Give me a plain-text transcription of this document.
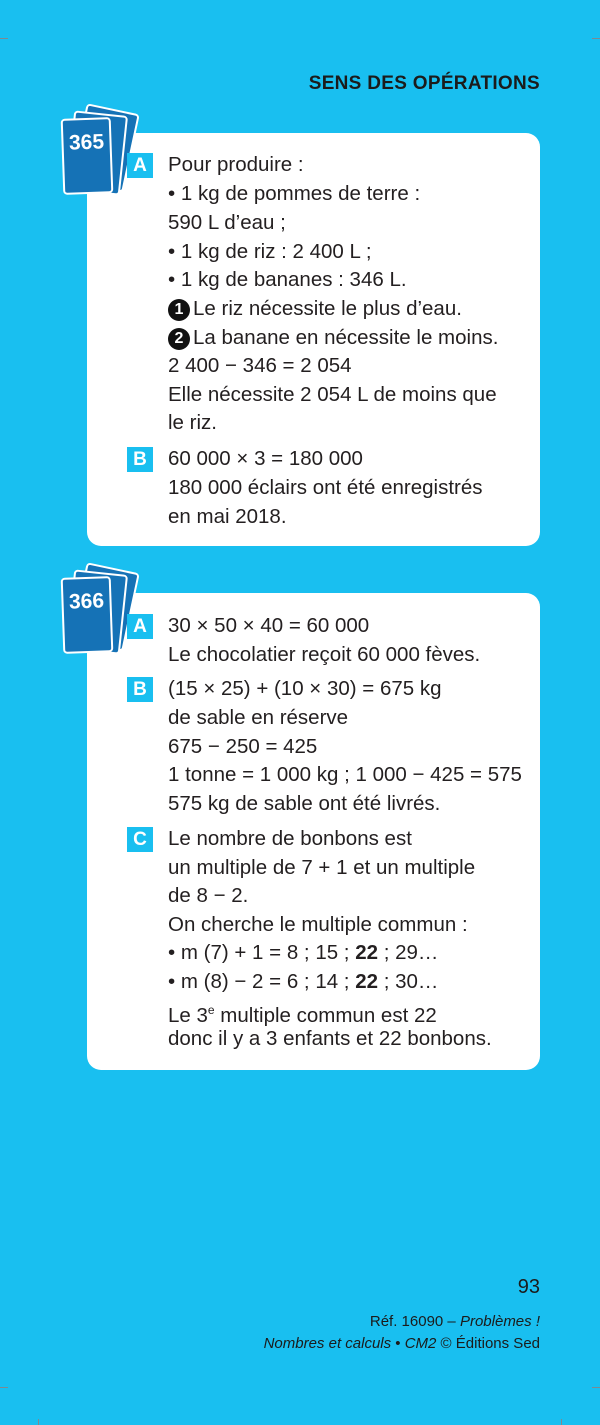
SENS DES OPÉRATIONS
365
A Pour produire :
• 1 kg de pommes de terre :
590 L d’eau ;
• 1 kg de riz : 2 400 L ;
• 1 kg de bananes : 346 L.
1 Le riz nécessite le plus d’eau.
2 La banane en nécessite le moins.
2 400 − 346 = 2 054
Elle nécessite 2 054 L de moins que
le riz.
B 60 000 × 3 = 180 000
180 000 éclairs ont été enregistrés
en mai 2018.
366
A 30 × 50 × 40 = 60 000
Le chocolatier reçoit 60 000 fèves.
B (15 × 25) + (10 × 30) = 675 kg
de sable en réserve
675 − 250 = 425
1 tonne = 1 000 kg ; 1 000 − 425 = 575
575 kg de sable ont été livrés.
C Le nombre de bonbons est
un multiple de 7 + 1 et un multiple
de 8 − 2.
On cherche le multiple commun :
• m (7) + 1 = 8 ; 15 ; 22 ; 29…
• m (8) − 2 = 6 ; 14 ; 22 ; 30…
Le 3e multiple commun est 22
donc il y a 3 enfants et 22 bonbons.
93
Réf. 16090 – Problèmes !
Nombres et calculs • CM2 © Éditions Sed
